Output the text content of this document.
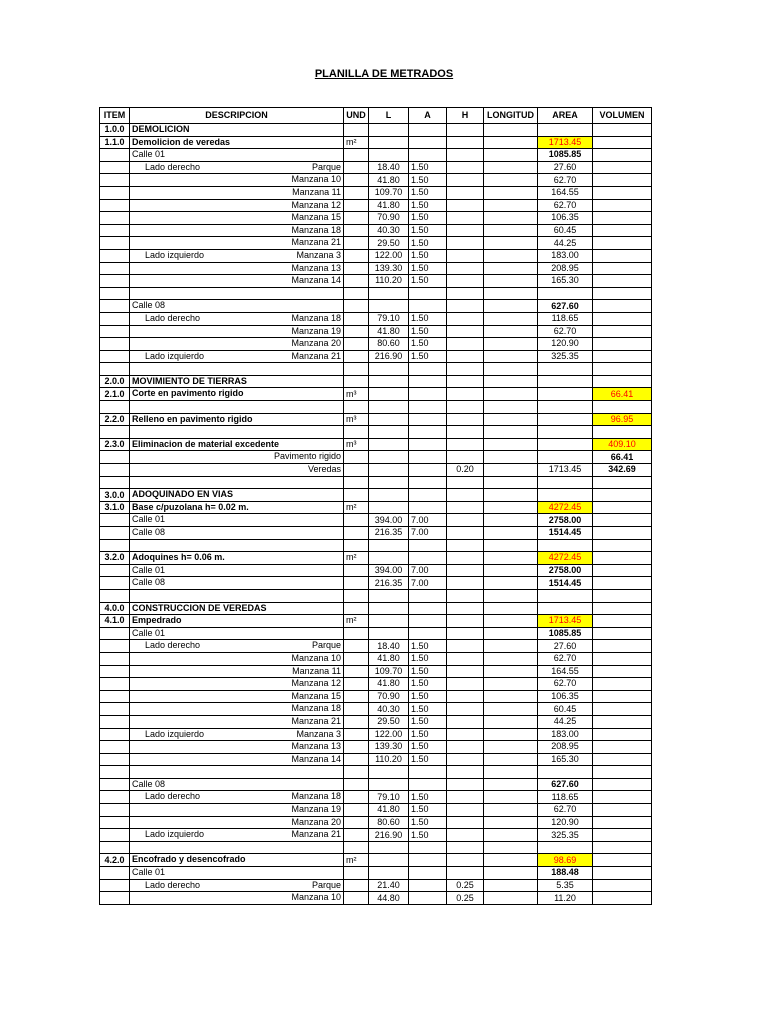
PLANILLA DE METRADOS
ITEM	DESCRIPCION	UND	L	A	H	LONGITUD	AREA	VOLUMEN
1.0.0	DEMOLICION							

1.1.0	Demolicion de veredas	m²					1713.45	

	Calle 01						1085.85	

	Lado derecho Parque		18.40	1.50			27.60	

	Manzana 10		41.80	1.50			62.70	

	Manzana 11		109.70	1.50			164.55	

	Manzana 12		41.80	1.50			62.70	

	Manzana 15		70.90	1.50			106.35	

	Manzana 18		40.30	1.50			60.45	

	Manzana 21		29.50	1.50			44.25	

	Lado izquierdo Manzana 3		122.00	1.50			183.00	

	Manzana 13		139.30	1.50			208.95	

	Manzana 14		110.20	1.50			165.30	

	Calle 08						627.60	

	Lado derecho Manzana 18		79.10	1.50			118.65	

	Manzana 19		41.80	1.50			62.70	

	Manzana 20		80.60	1.50			120.90	

	Lado izquierdo Manzana 21		216.90	1.50			325.35	

2.0.0	MOVIMIENTO DE TIERRAS							

2.1.0	Corte en pavimento rigido	m³						66.41

2.2.0	Relleno en pavimento rigido	m³						96.95

2.3.0	Eliminacion de material excedente	m³						409.10

	Pavimento rigido							66.41

	Veredas				0.20		1713.45	342.69

3.0.0	ADOQUINADO EN VIAS							

3.1.0	Base c/puzolana h= 0.02 m.	m²					4272.45	

	Calle 01		394.00	7.00			2758.00	

	Calle 08		216.35	7.00			1514.45	

3.2.0	Adoquines h= 0.06 m.	m²					4272.45	

	Calle 01		394.00	7.00			2758.00	

	Calle 08		216.35	7.00			1514.45	

4.0.0	CONSTRUCCION DE VEREDAS							

4.1.0	Empedrado	m²					1713.45	

	Calle 01						1085.85	

	Lado derecho Parque		18.40	1.50			27.60	

	Manzana 10		41.80	1.50			62.70	

	Manzana 11		109.70	1.50			164.55	

	Manzana 12		41.80	1.50			62.70	

	Manzana 15		70.90	1.50			106.35	

	Manzana 18		40.30	1.50			60.45	

	Manzana 21		29.50	1.50			44.25	

	Lado izquierdo Manzana 3		122.00	1.50			183.00	

	Manzana 13		139.30	1.50			208.95	

	Manzana 14		110.20	1.50			165.30	

	Calle 08						627.60	

	Lado derecho Manzana 18		79.10	1.50			118.65	

	Manzana 19		41.80	1.50			62.70	

	Manzana 20		80.60	1.50			120.90	

	Lado izquierdo Manzana 21		216.90	1.50			325.35	

4.2.0	Encofrado y desencofrado	m²					98.69	

	Calle 01						188.48	

	Lado derecho Parque		21.40		0.25		5.35	

	Manzana 10		44.80		0.25		11.20	
